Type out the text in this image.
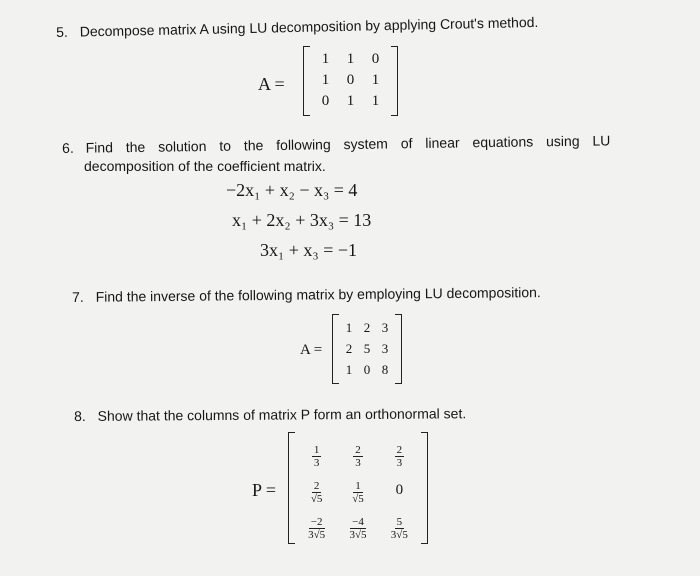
5. Decompose matrix A using LU decomposition by applying Crout's method.
A =
1	1	0
1	0	1
0	1	1
6. Find the solution to the following system of linear equations using LU
decomposition of the coefficient matrix.
−2x₁ + x₂ − x₃ = 4
x₁ + 2x₂ + 3x₃ = 13
3x₁ + x₃ = −1
7. Find the inverse of the following matrix by employing LU decomposition.
A =
1	2	3
2	5	3
1	0	8
8. Show that the columns of matrix P form an orthonormal set.
P =
$\frac{1}{3}$	$\frac{2}{3}$	$\frac{2}{3}$

$\frac{2}{√5}$	$\frac{1}{√5}$	0

$\frac{-2}{3√5}$	$\frac{-4}{3√5}$	$\frac{5}{3√5}$
